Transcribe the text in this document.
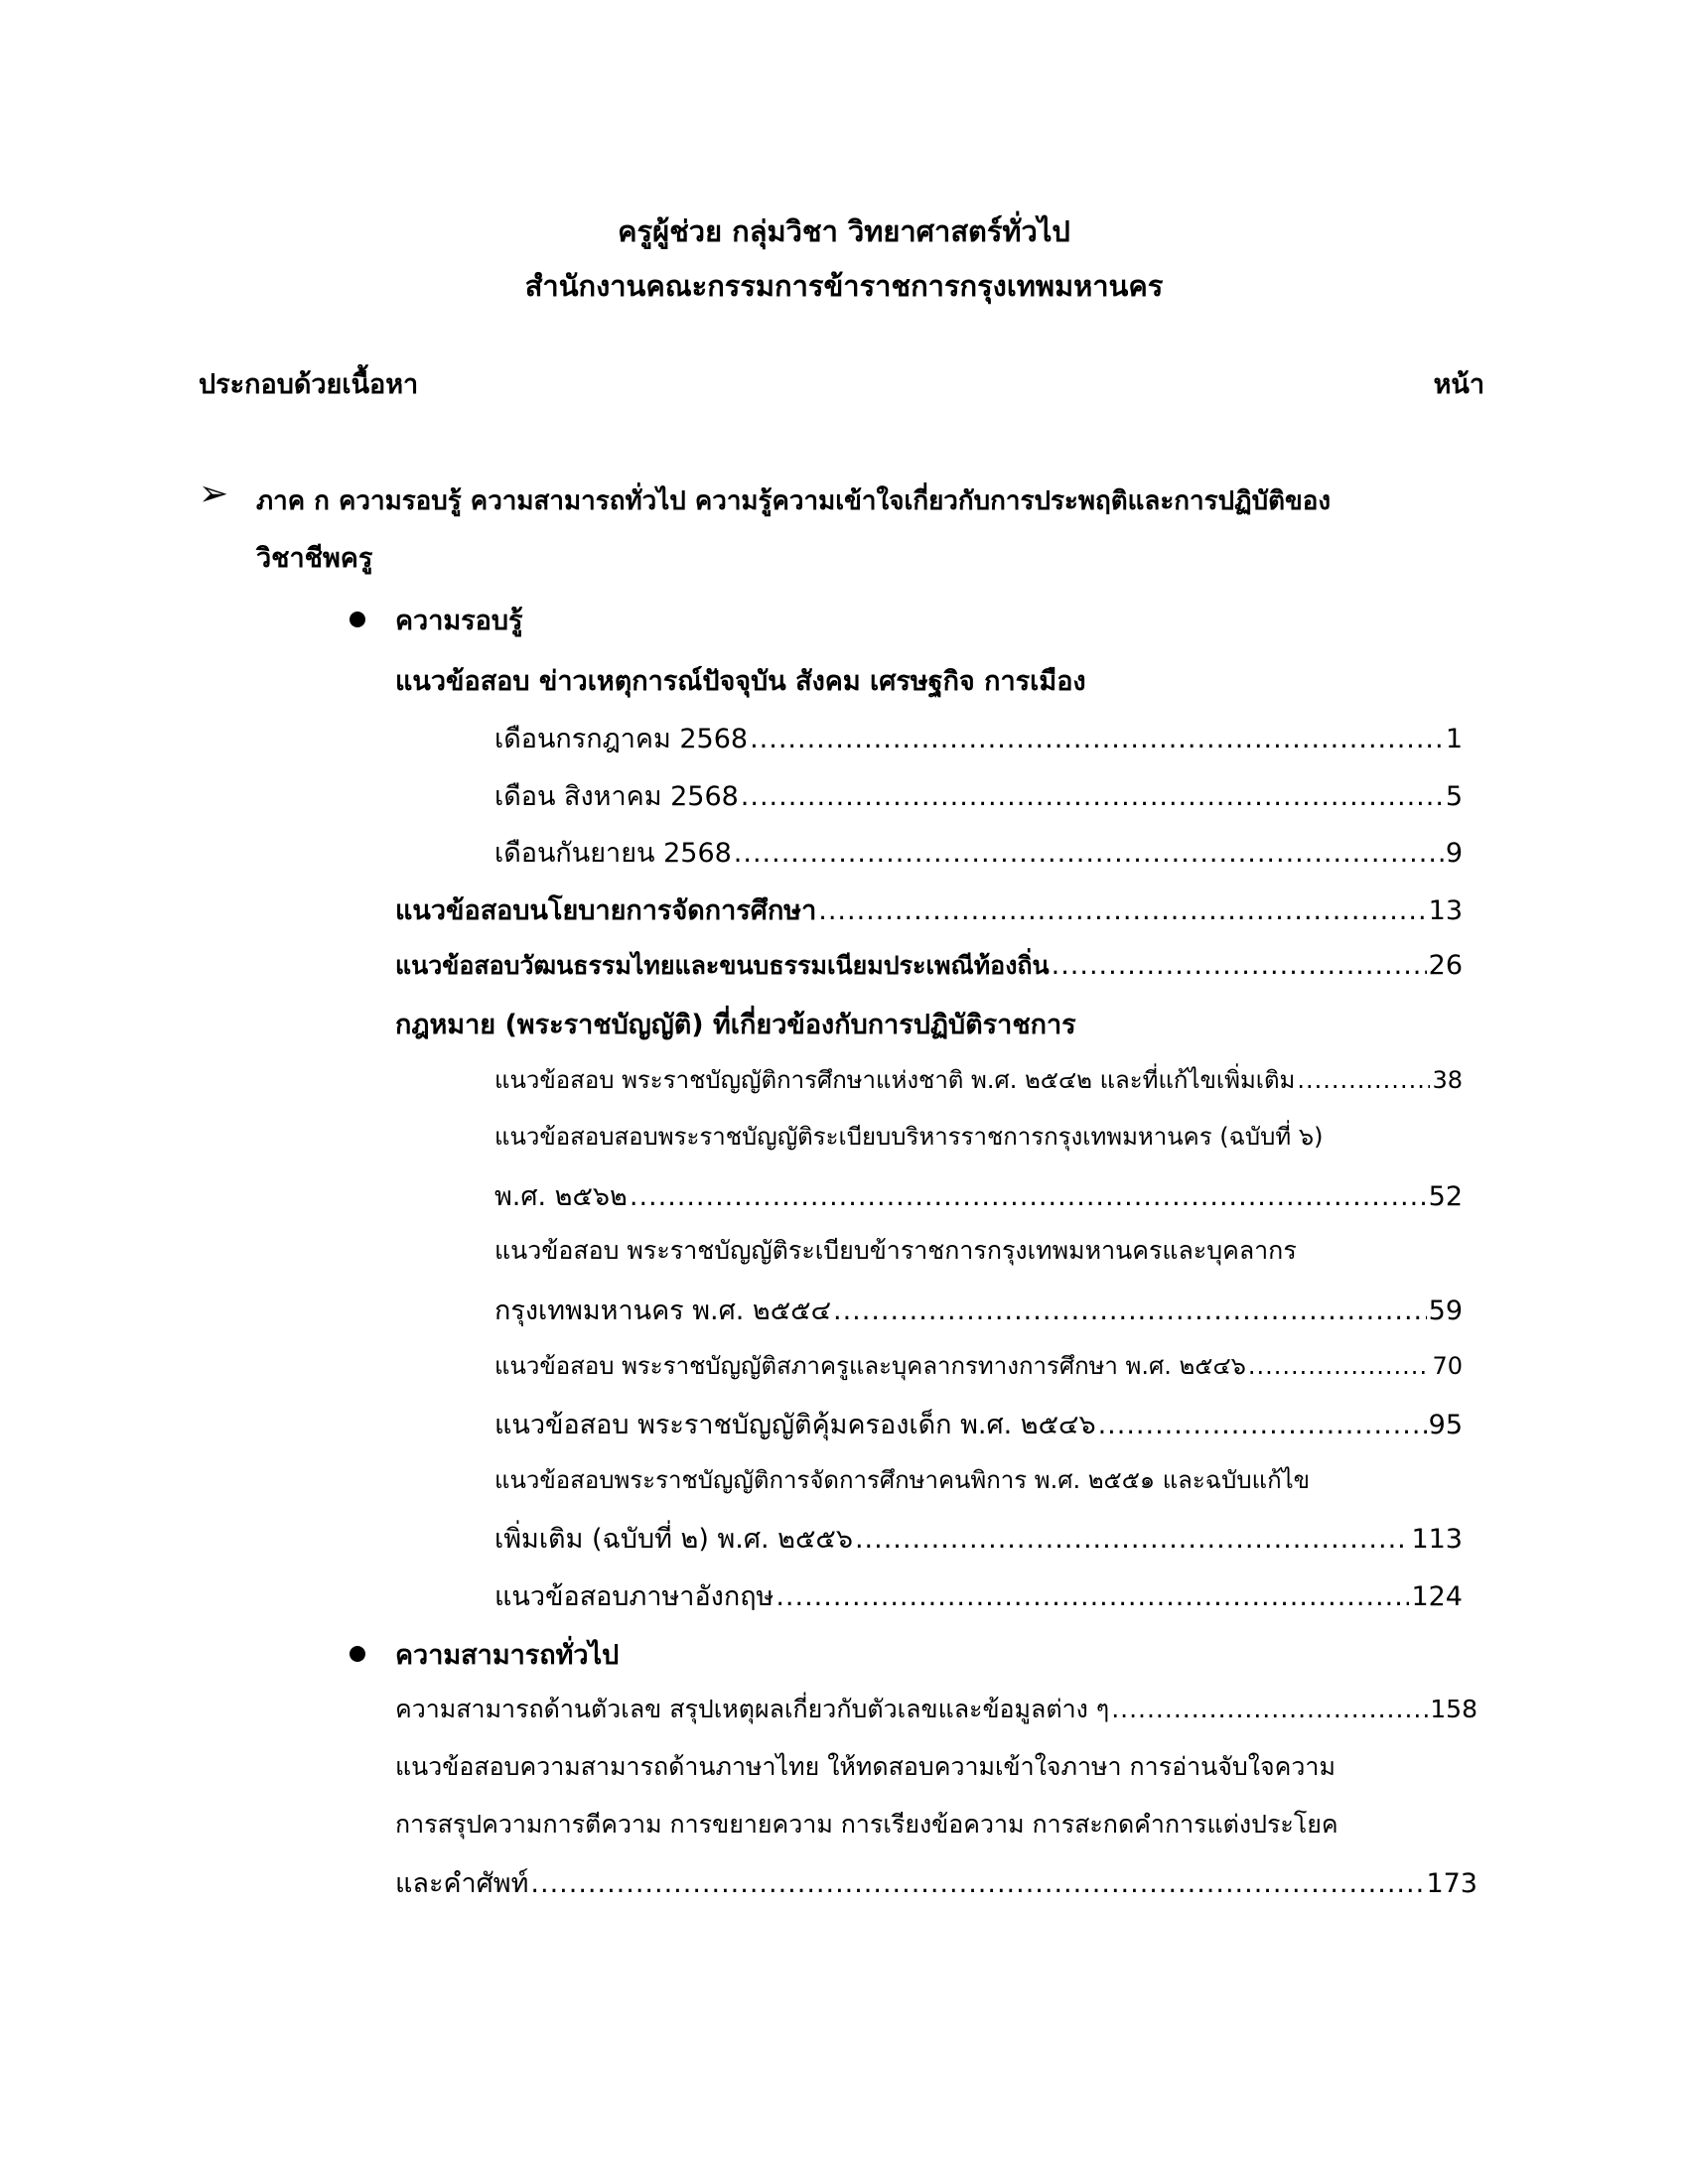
ครูผู้ช่วย กลุ่มวิชา วิทยาศาสตร์ทั่วไป
สำนักงานคณะกรรมการข้าราชการกรุงเทพมหานคร
ประกอบด้วยเนื้อหา	หน้า
➢ ภาค ก ความรอบรู้ ความสามารถทั่วไป ความรู้ความเข้าใจเกี่ยวกับการประพฤติและการปฏิบัติของ
วิชาชีพครู
ความรอบรู้
แนวข้อสอบ ข่าวเหตุการณ์ปัจจุบัน สังคม เศรษฐกิจ การเมือง
เดือนกรกฎาคม 2568 .....	1
เดือน สิงหาคม 2568 .....	5
เดือนกันยายน 2568 .....	9
แนวข้อสอบนโยบายการจัดการศึกษา .....	13
แนวข้อสอบวัฒนธรรมไทยและขนบธรรมเนียมประเพณีท้องถิ่น .....	26
กฎหมาย (พระราชบัญญัติ) ที่เกี่ยวข้องกับการปฏิบัติราชการ
แนวข้อสอบ พระราชบัญญัติการศึกษาแห่งชาติ พ.ศ. ๒๕๔๒ และที่แก้ไขเพิ่มเติม .....	38
แนวข้อสอบสอบพระราชบัญญัติระเบียบบริหารราชการกรุงเทพมหานคร (ฉบับที่ ๖)
พ.ศ. ๒๕๖๒ .....	52
แนวข้อสอบ พระราชบัญญัติระเบียบข้าราชการกรุงเทพมหานครและบุคลากร
กรุงเทพมหานคร พ.ศ. ๒๕๕๔ .....	59
แนวข้อสอบ พระราชบัญญัติสภาครูและบุคลากรทางการศึกษา พ.ศ. ๒๕๔๖ .....	70
แนวข้อสอบ พระราชบัญญัติคุ้มครองเด็ก พ.ศ. ๒๕๔๖ .....	95
แนวข้อสอบพระราชบัญญัติการจัดการศึกษาคนพิการ พ.ศ. ๒๕๕๑ และฉบับแก้ไข
เพิ่มเติม (ฉบับที่ ๒) พ.ศ. ๒๕๕๖ .....	113
แนวข้อสอบภาษาอังกฤษ .....	124
ความสามารถทั่วไป
ความสามารถด้านตัวเลข สรุปเหตุผลเกี่ยวกับตัวเลขและข้อมูลต่าง ๆ .....	158
แนวข้อสอบความสามารถด้านภาษาไทย ให้ทดสอบความเข้าใจภาษา การอ่านจับใจความ
การสรุปความการตีความ การขยายความ การเรียงข้อความ การสะกดคำการแต่งประโยค
และคำศัพท์ .....	173
